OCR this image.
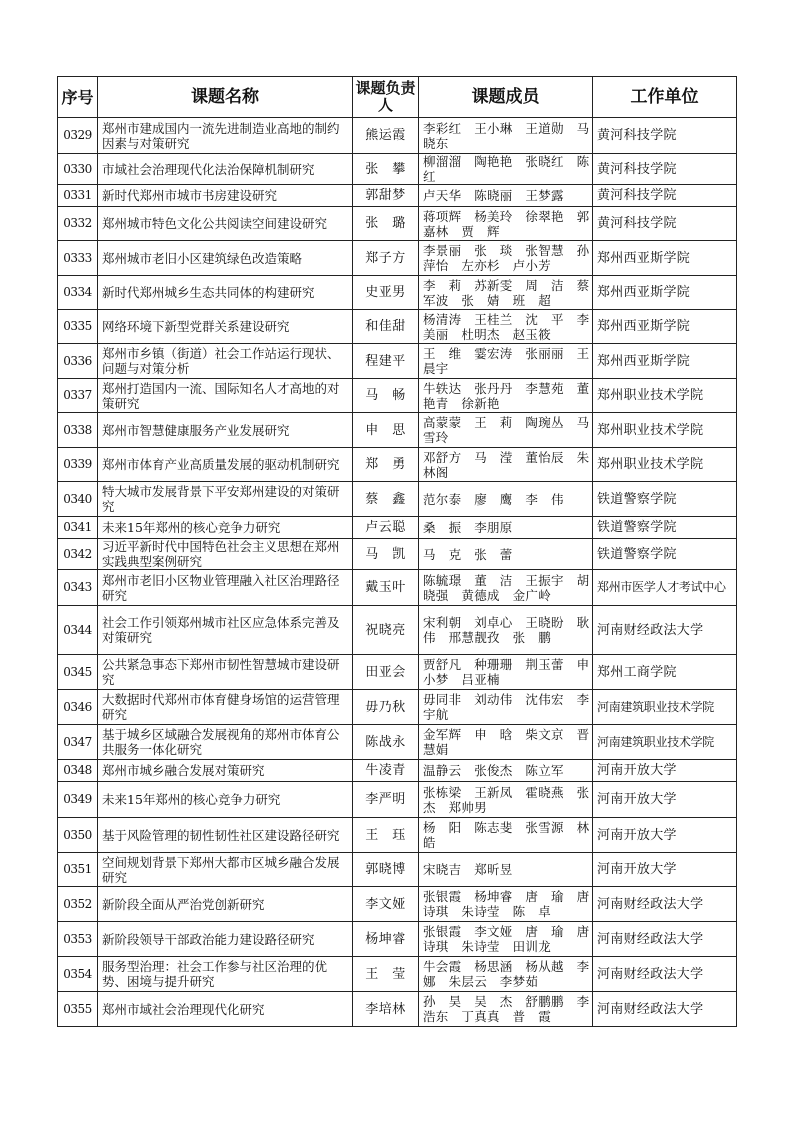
序号	课题名称	课题负责人	课题成员	工作单位
0329	郑州市建成国内一流先进制造业高地的制约因素与对策研究	熊运霞	李彩红　王小琳　王道勋　马晓东	黄河科技学院
0330	市域社会治理现代化法治保障机制研究	张　攀	柳溜溜　陶艳艳　张晓红　陈　红	黄河科技学院
0331	新时代郑州市城市书房建设研究	郭甜梦	卢天华　陈晓丽　王梦露	黄河科技学院
0332	郑州城市特色文化公共阅读空间建设研究	张　璐	蒋项辉　杨美玲　徐翠艳　郭嘉林　贾　辉	黄河科技学院
0333	郑州城市老旧小区建筑绿色改造策略	郑子方	李景丽　张　琰　张智慧　孙萍怡　左亦杉　卢小芳	郑州西亚斯学院
0334	新时代郑州城乡生态共同体的构建研究	史亚男	李　莉　苏新雯　周　洁　蔡军波　张　婧　班　超	郑州西亚斯学院
0335	网络环境下新型党群关系建设研究	和佳甜	杨清涛　王桂兰　沈　平　李美丽　杜明杰　赵玉筱	郑州西亚斯学院
0336	郑州市乡镇（街道）社会工作站运行现状、问题与对策分析	程建平	王　维　霎宏涛　张丽丽　王晨宇	郑州西亚斯学院
0337	郑州打造国内一流、国际知名人才高地的对策研究	马　畅	牛轶达　张丹丹　李慧苑　董艳青　徐新艳	郑州职业技术学院
0338	郑州市智慧健康服务产业发展研究	申　思	高蒙蒙　王　莉　陶琬丛　马雪玲	郑州职业技术学院
0339	郑州市体育产业高质量发展的驱动机制研究	郑　勇	邓舒方　马　滢　董怡辰　朱林阁	郑州职业技术学院
0340	特大城市发展背景下平安郑州建设的对策研究	蔡　鑫	范尔泰　廖　鹰　李　伟	铁道警察学院
0341	未来15年郑州的核心竞争力研究	卢云聪	桑　振　李朋原	铁道警察学院
0342	习近平新时代中国特色社会主义思想在郑州实践典型案例研究	马　凯	马　克　张　蕾	铁道警察学院
0343	郑州市老旧小区物业管理融入社区治理路径研究	戴玉叶	陈毓璟　董　洁　王振宇　胡晓强　黄德成　金广岭	郑州市医学人才考试中心
0344	社会工作引领郑州城市社区应急体系完善及对策研究	祝晓亮	宋利朝　刘卓心　王晓盼　耿　伟　邢慧靓孜　张　鹏	河南财经政法大学
0345	公共紧急事态下郑州市韧性智慧城市建设研究	田亚会	贾舒凡　种珊珊　荆玉蕾　申小梦　吕亚楠	郑州工商学院
0346	大数据时代郑州市体育健身场馆的运营管理研究	毋乃秋	毋同非　刘动伟　沈伟宏　李宇航	河南建筑职业技术学院
0347	基于城乡区域融合发展视角的郑州市体育公共服务一体化研究	陈战永	金军辉　申　晗　柴文京　晋慧娟	河南建筑职业技术学院
0348	郑州市城乡融合发展对策研究	牛凌青	温静云　张俊杰　陈立军	河南开放大学
0349	未来15年郑州的核心竞争力研究	李严明	张栋梁　王新凤　霍晓燕　张　杰　郑帅男	河南开放大学
0350	基于风险管理的韧性韧性社区建设路径研究	王　珏	杨　阳　陈志斐　张雪源　林　皓	河南开放大学
0351	空间规划背景下郑州大都市区城乡融合发展研究	郭晓博	宋晓吉　郑昕昱	河南开放大学
0352	新阶段全面从严治党创新研究	李文娅	张银霞　杨坤睿　唐　瑜　唐诗琪　朱诗莹　陈　卓	河南财经政法大学
0353	新阶段领导干部政治能力建设路径研究	杨坤睿	张银霞　李文娅　唐　瑜　唐诗琪　朱诗莹　田训龙	河南财经政法大学
0354	服务型治理：社会工作参与社区治理的优势、困境与提升研究	王　莹	牛会霞　杨思涵　杨从越　李　娜　朱层云　李梦茹	河南财经政法大学
0355	郑州市域社会治理现代化研究	李培林	孙　昊　吴　杰　舒鹏鹏　李浩东　丁真真　普　霞	河南财经政法大学
